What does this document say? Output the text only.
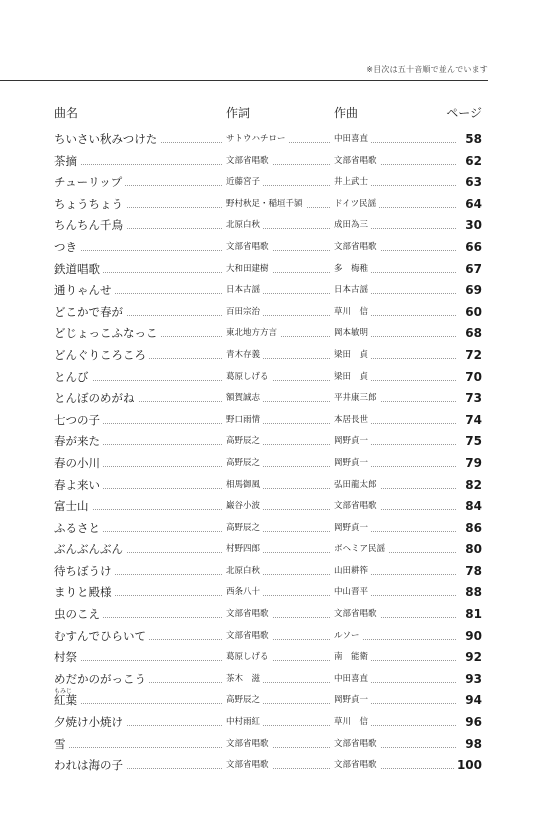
※目次は五十音順で並んでいます
曲名	作詞	作曲	ページ
ちいさい秋みつけた	サトウハチロー	中田喜直	58
茶摘	文部省唱歌	文部省唱歌	62
チューリップ	近藤宮子	井上武士	63
ちょうちょう	野村秋足・稲垣千頴	ドイツ民謡	64
ちんちん千鳥	北原白秋	成田為三	30
つき	文部省唱歌	文部省唱歌	66
鉄道唱歌	大和田建樹	多　梅稚	67
通りゃんせ	日本古謡	日本古謡	69
どこかで春が	百田宗治	草川　信	60
どじょっこふなっこ	東北地方方言	岡本敏明	68
どんぐりころころ	青木存義	梁田　貞	72
とんび	葛原しげる	梁田　貞	70
とんぼのめがね	額賀誠志	平井康三郎	73
七つの子	野口雨情	本居長世	74
春が来た	高野辰之	岡野貞一	75
春の小川	高野辰之	岡野貞一	79
春よ来い	相馬御風	弘田龍太郎	82
富士山	巌谷小波	文部省唱歌	84
ふるさと	高野辰之	岡野貞一	86
ぶんぶんぶん	村野四郎	ボヘミア民謡	80
待ちぼうけ	北原白秋	山田耕筰	78
まりと殿様	西条八十	中山晋平	88
虫のこえ	文部省唱歌	文部省唱歌	81
むすんでひらいて	文部省唱歌	ルソー	90
村祭	葛原しげる	南　能衛	92
めだかのがっこう	茶木　滋	中田喜直	93
もみじ
紅葉	高野辰之	岡野貞一	94
夕焼け小焼け	中村雨紅	草川　信	96
雪	文部省唱歌	文部省唱歌	98
われは海の子	文部省唱歌	文部省唱歌	100
